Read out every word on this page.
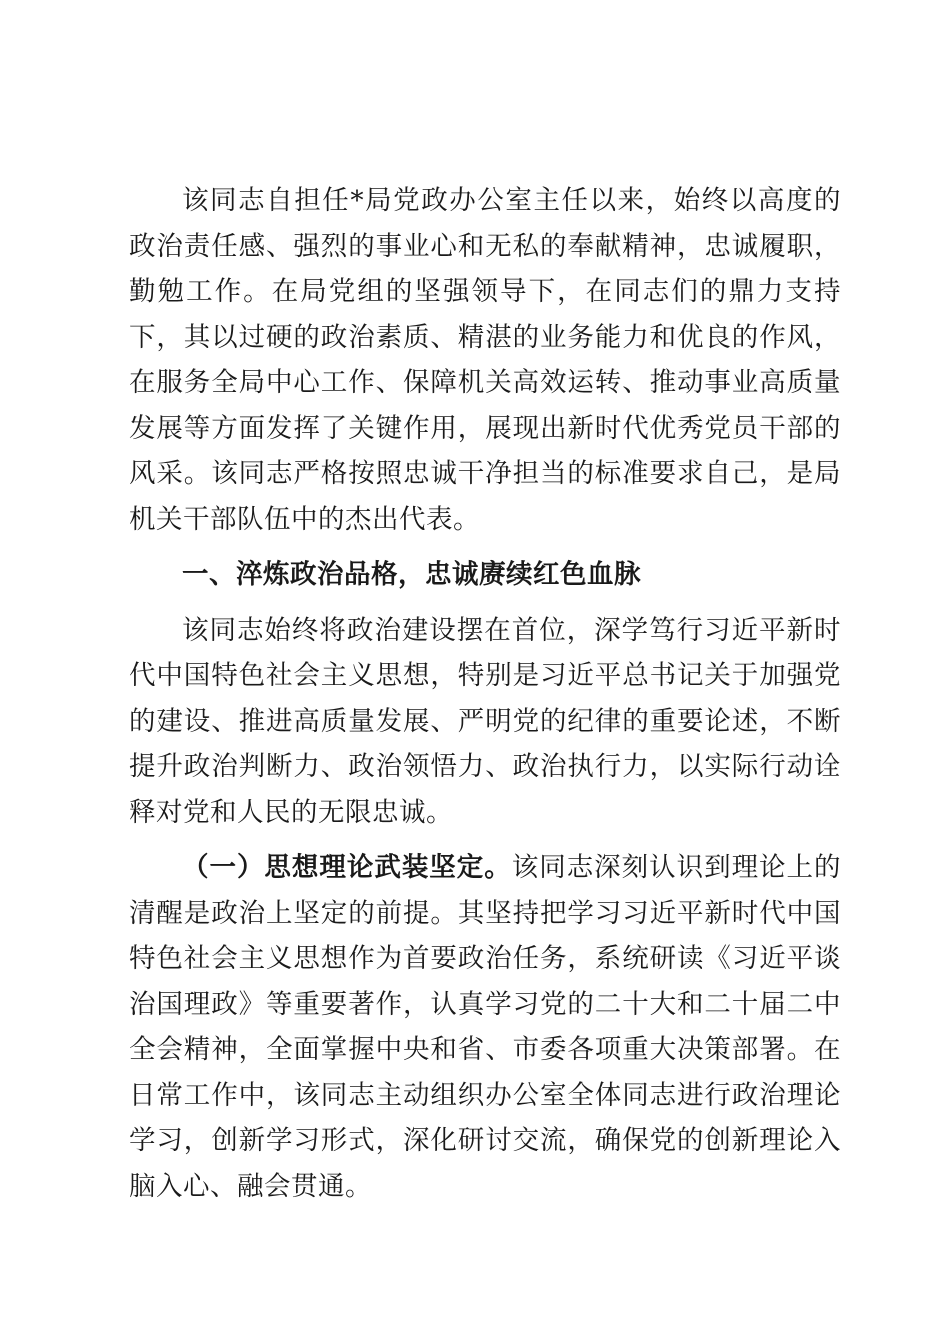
该同志自担任*局党政办公室主任以来，始终以高度的政治责任感、强烈的事业心和无私的奉献精神，忠诚履职，勤勉工作。在局党组的坚强领导下，在同志们的鼎力支持下，其以过硬的政治素质、精湛的业务能力和优良的作风，在服务全局中心工作、保障机关高效运转、推动事业高质量发展等方面发挥了关键作用，展现出新时代优秀党员干部的风采。该同志严格按照忠诚干净担当的标准要求自己，是局机关干部队伍中的杰出代表。

一、淬炼政治品格，忠诚赓续红色血脉

该同志始终将政治建设摆在首位，深学笃行习近平新时代中国特色社会主义思想，特别是习近平总书记关于加强党的建设、推进高质量发展、严明党的纪律的重要论述，不断提升政治判断力、政治领悟力、政治执行力，以实际行动诠释对党和人民的无限忠诚。

（一）思想理论武装坚定。该同志深刻认识到理论上的清醒是政治上坚定的前提。其坚持把学习习近平新时代中国特色社会主义思想作为首要政治任务，系统研读《习近平谈治国理政》等重要著作，认真学习党的二十大和二十届二中全会精神，全面掌握中央和省、市委各项重大决策部署。在日常工作中，该同志主动组织办公室全体同志进行政治理论学习，创新学习形式，深化研讨交流，确保党的创新理论入脑入心、融会贯通。
